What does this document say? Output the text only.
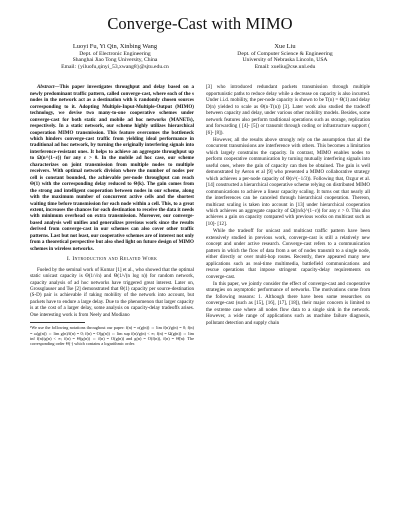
Converge-Cast with MIMO
Luoyi Fu, Yi Qin, Xinbing Wang
Dept. of Electronic Engineering
Shanghai Jiao Tong University, China
Email: {yiluofu,qinyi_53,xwang8}@sjtu.edu.cn
Xue Liu
Dept. of Computer Science & Engineering
University of Nebraska Lincoln, USA
Email: xueliu@cse.unl.edu

Abstract—This paper investigates throughput and delay based on a newly predominant traffic pattern, called converge-cast, where each of the s nodes in the network act as a destination with k randomly chosen sources corresponding to it. Adopting Multiple-Input-Multiple-Output (MIMO) technology, we devise two many-to-one cooperative schemes under converge-cast for both static and mobile ad hoc networks (MANETs), respectively. In a static network, our scheme highly utilizes hierarchical cooperation MIMO transmission. This feature overcomes the bottleneck which hinders converge-cast traffic from yielding ideal performance in traditional ad hoc network, by turning the originally interfering signals into interference-resistant ones. It helps to achieve an aggregate throughput up to Ω(n^(1−ε)) for any ε > 0. In the mobile ad hoc case, our scheme characterizes on joint transmission from multiple nodes to multiple receivers. With optimal network division where the number of nodes per cell is constant bounded, the achievable per-node throughput can reach Θ(1) with the corresponding delay reduced to Θ(k). The gain comes from the strong and intelligent cooperation between nodes in our scheme, along with the maximum number of concurrent active cells and the shortest waiting time before transmission for each node within a cell. This, to a great extent, increases the chances for each destination to receive the data it needs with minimum overhead on extra transmission. Moreover, our converge-based analysis well unifies and generalizes previous work since the results derived from converge-cast in our schemes can also cover other traffic patterns. Last but not least, our cooperative schemes are of interest not only from a theoretical perspective but also shed light on future design of MIMO schemes in wireless networks.

I. Introduction and Related Work

Fueled by the seminal work of Kumar [1] et al., who showed that the optimal static unicast capacity is Θ(1/√n) and Θ(1/√(n log n)) for random network, capacity analysis of ad hoc networks have triggered great interest. Later on, Grossglauser and Tse [2] demonstrated that Θ(1) capacity per source-destination (S-D) pair is achievable if taking mobility of the network into account, but packets have to endure a large delay. Due to the phenomenon that larger capacity is at the cost of a larger delay, some analysis on capacity-delay tradeoffs arises. One interesting work is from Neely and Modiano

¹We use the following notations throughout our paper: f(n) = o(g(n)) ⇔ lim f(n)/g(n) = 0; f(n) = ω(g(n)) ⇔ lim g(n)/f(n) = 0; f(n) = O(g(n)) ⇔ lim sup f(n)/g(n) < ∞; f(n) = Ω(g(n)) ⇔ lim inf f(n)/g(n) < ∞; f(n) = Θ(g(n)) ⇔ f(n) = O(g(n)) and g(n) = O(f(n)), f(n) = Θ̃(n): The corresponding order Θ(·) which contains a logarithmic order.

[3] who introduced redundant packets transmission through multiple opportunistic paths to reduce delay while a decrease on capacity is also incurred. Under i.i.d. mobility, the per-node capacity is shown to be T(n) = Θ(1) and delay D(n) yielded to scale as Θ(n·T(n)) [3]. Later work also studied the tradeoff between capacity and delay, under various other mobility models. Besides, some network features also perform traditional operations such as storage, replication and forwarding ( [4]- [5]) or transmit through coding or infrastructure support ( [6]- [8]).

However, all the results above strongly rely on the assumption that all the concurrent transmissions are interference with others. This becomes a limitation which largely constrains the capacity. In contrast, MIMO enables nodes to perform cooperative communication by turning mutually interfering signals into useful ones, where the gain of capacity can then be obtained. The gain is well demonstrated by Aeron et al [9] who presented a MIMO collaborative strategy which achieves a per-node capacity of Θ(n^(−1/3)). Following that, Ozgur et al. [14] constructed a hierarchical cooperative scheme relying on distributed MIMO communications to achieve a linear capacity scaling. It turns out that nearly all the interferences can be canceled through hierarchical cooperation. Thereon, multicast scaling is taken into account in [13] under hierarchical cooperation which achieves an aggregate capacity of Ω((n/k)^(1−ε)) for any ε > 0. This also achieves a gain on capacity compared with previous works on multicast such as [10]- [12].

While the tradeoff for unicast and multicast traffic pattern have been extensively studied in previous work, converge-cast is still a relatively new concept and under active research. Converge-cast refers to a communication pattern in which the flow of data from a set of nodes transmit to a single node, either directly or over multi-hop routes. Recently, there appeared many new applications such as real-time multimedia, battlefield communications and rescue operations that impose stringent capacity-delay requirements on converge-cast.

In this paper, we jointly consider the effect of converge-cast and cooperative strategies on asymptotic performance of networks. The motivations come from the following reasons: 1. Although there have been some researches on converge-cast (such as [15], [16], [17], [18]), their major concern is limited to the extreme case where all nodes flow data to a single sink in the network. However, a wide range of applications such as machine failure diagnosis, pollutant detection and supply chain
